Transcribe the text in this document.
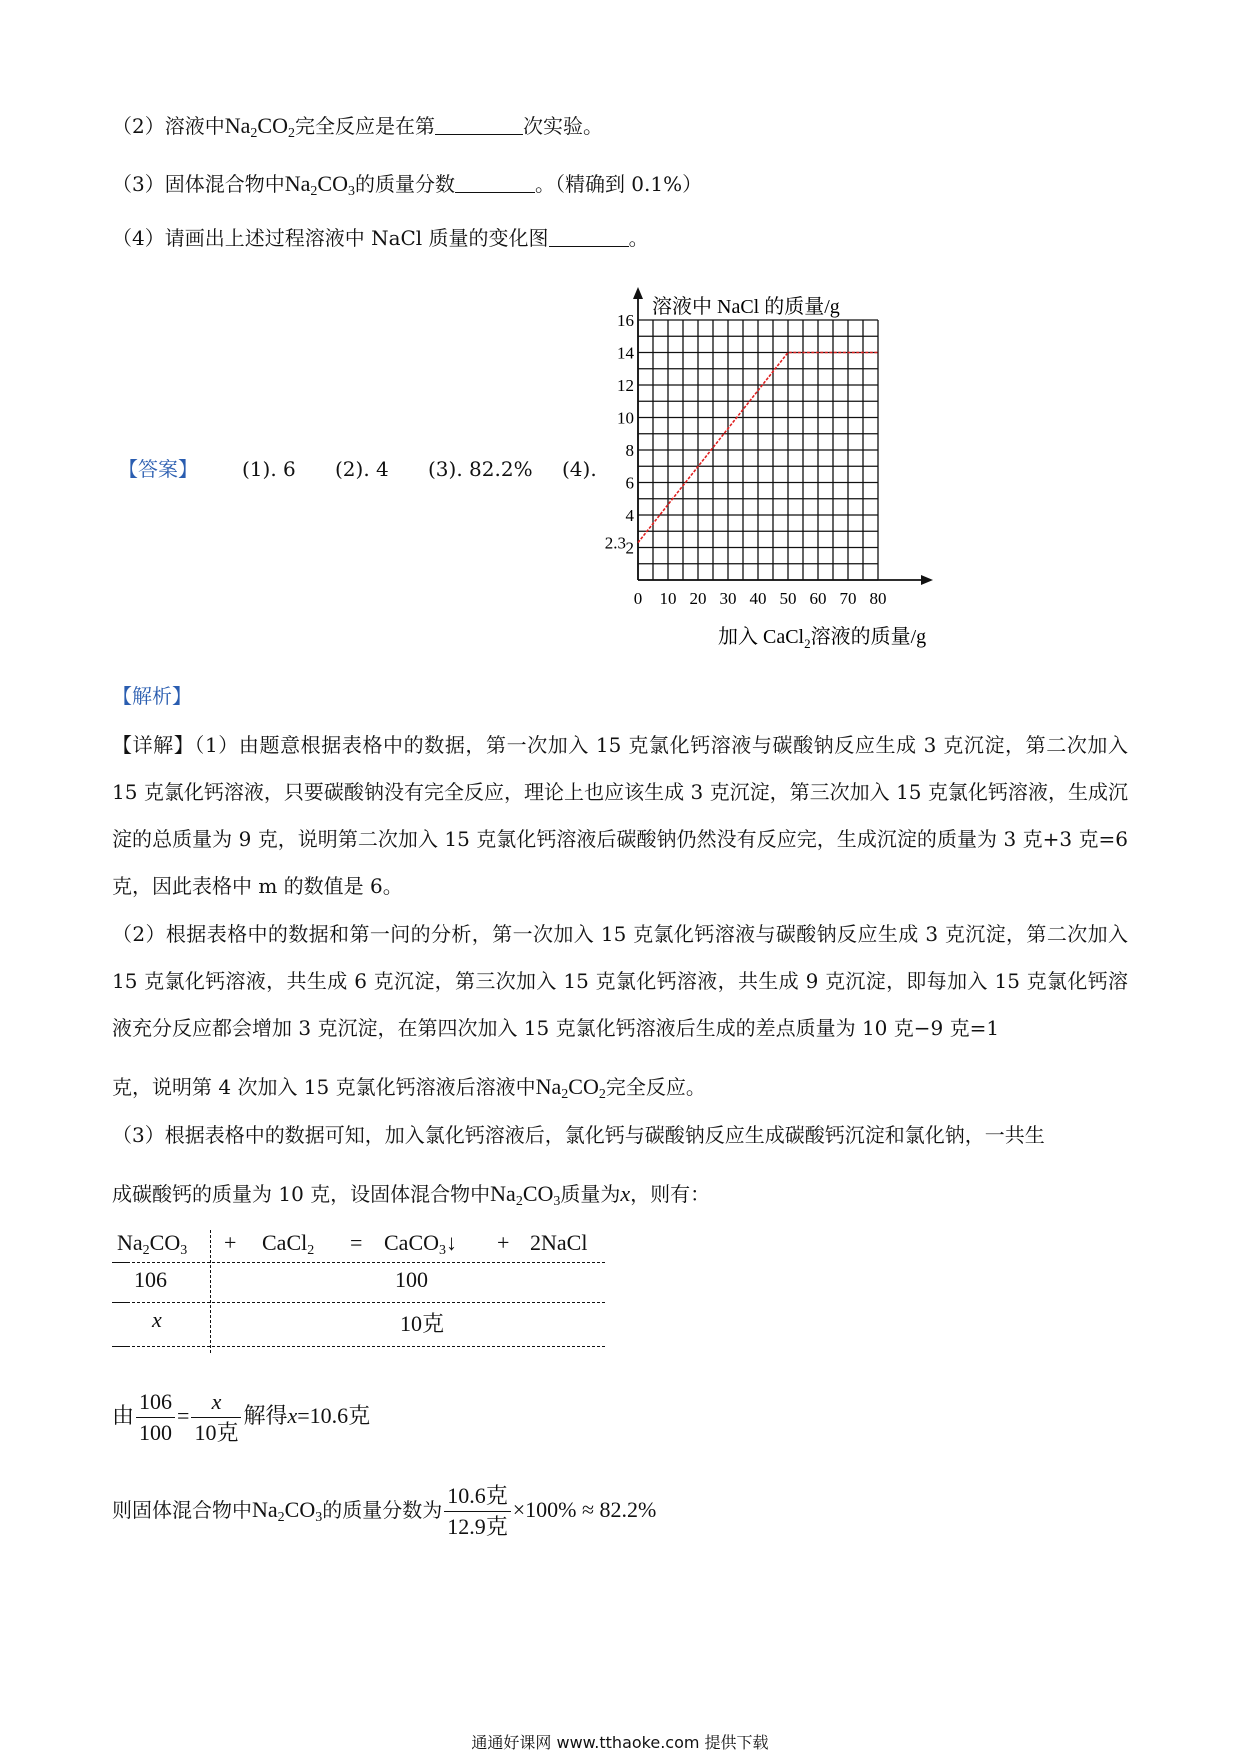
（2）溶液中$Na_2CO_2$完全反应是在第	次实验。
（3）固体混合物中$Na_2CO_3$的质量分数	。（精确到 0.1%）
（4）请画出上述过程溶液中 NaCl 质量的变化图	。
【答案】 (1). 6 (2). 4 (3). 82.2% (4).
0 10 20 30 40 50 60 70 80
2
4
6
8
10
12
14
16
2.3
溶液中 NaCl 的质量/g
加入 CaCl$_2$溶液的质量/g
【解析】
【详解】（1）由题意根据表格中的数据，第一次加入 15 克氯化钙溶液与碳酸钠反应生成 3 克沉淀，第二次加入 15 克氯化钙溶液，只要碳酸钠没有完全反应，理论上也应该生成 3 克沉淀，第三次加入 15 克氯化钙溶液，生成沉淀的总质量为 9 克，说明第二次加入 15 克氯化钙溶液后碳酸钠仍然没有反应完，生成沉淀的质量为 3 克+3 克=6 克，因此表格中 m 的数值是 6。
（2）根据表格中的数据和第一问的分析，第一次加入 15 克氯化钙溶液与碳酸钠反应生成 3 克沉淀，第二次加入 15 克氯化钙溶液，共生成 6 克沉淀，第三次加入 15 克氯化钙溶液，共生成 9 克沉淀，即每加入 15 克氯化钙溶液充分反应都会增加 3 克沉淀，在第四次加入 15 克氯化钙溶液后生成的差点质量为 10 克−9 克=1
克，说明第 4 次加入 15 克氯化钙溶液后溶液中$Na_2CO_2$完全反应。
（3）根据表格中的数据可知，加入氯化钙溶液后，氯化钙与碳酸钠反应生成碳酸钙沉淀和氯化钠，一共生
成碳酸钙的质量为 10 克，设固体混合物中$Na_2CO_3$质量为x，则有：
$Na_2CO_3$ + CaCl$_2$ = CaCO$_3$↓ + 2NaCl
106	100
x	10克
由 $\frac{106}{100} = \frac{x}{\text{10克}}$ 解得x=10.6克
则固体混合物中$Na_2CO_3$的质量分数为 $\frac{\text{10.6克}}{\text{12.9克}} \times 100\% \approx 82.2\%$
通通好课网 www.tthaoke.com 提供下载
